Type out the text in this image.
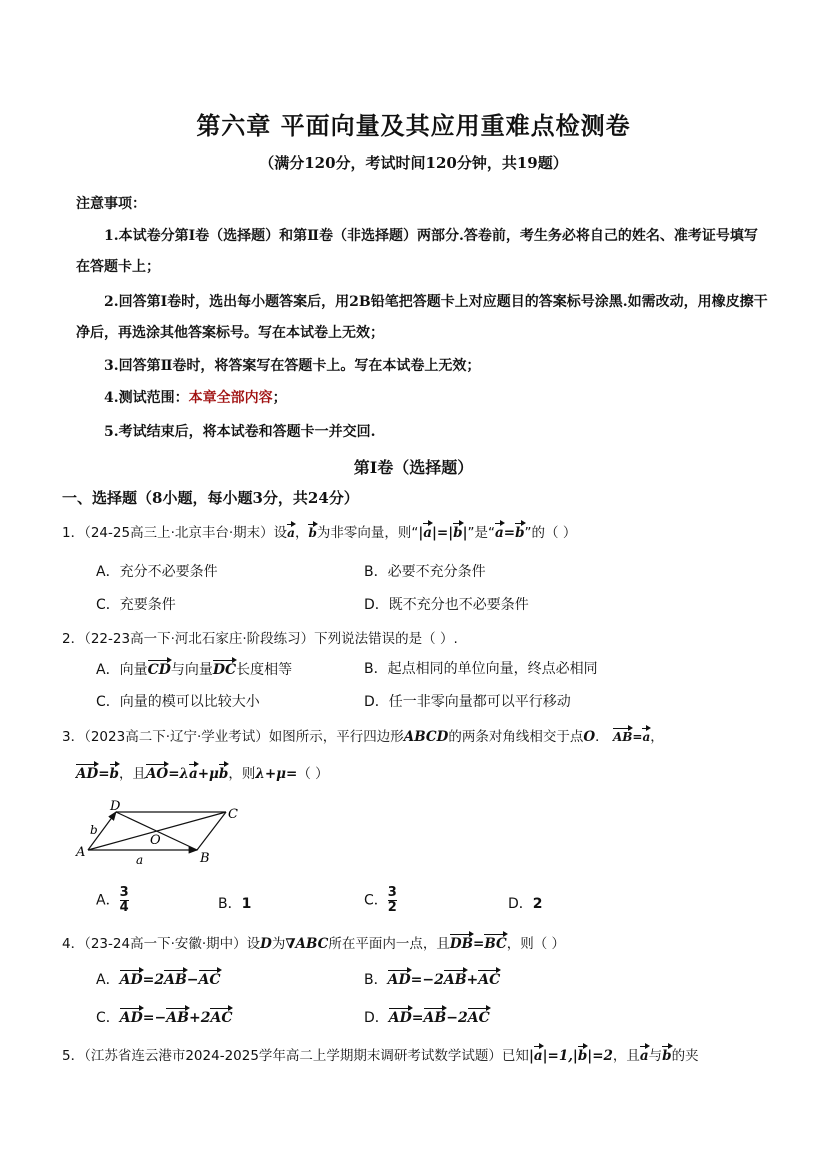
第六章 平面向量及其应用重难点检测卷
（满分120分，考试时间120分钟，共19题）
注意事项：
1.本试卷分第Ⅰ卷（选择题）和第Ⅱ卷（非选择题）两部分.答卷前，考生务必将自己的姓名、准考证号填写
在答题卡上；
2.回答第Ⅰ卷时，选出每小题答案后，用2B铅笔把答题卡上对应题目的答案标号涂黑.如需改动，用橡皮擦干
净后，再选涂其他答案标号。写在本试卷上无效；
3.回答第Ⅱ卷时，将答案写在答题卡上。写在本试卷上无效；
4.测试范围：本章全部内容；
5.考试结束后，将本试卷和答题卡一并交回.
第Ⅰ卷（选择题）
一、选择题（8小题，每小题3分，共24分）
1．（24-25高三上·北京丰台·期末）设a，b为非零向量，则“|a|=|b|”是“a=b”的（ ）
A．充分不必要条件	B．必要不充分条件
C．充要条件	D．既不充分也不必要条件
2．（22-23高一下·河北石家庄·阶段练习）下列说法错误的是（ ）.
A．向量CD与向量DC长度相等	B．起点相同的单位向量，终点必相同
C．向量的模可以比较大小	D．任一非零向量都可以平行移动
3．（2023高二下·辽宁·学业考试）如图所示，平行四边形ABCD的两条对角线相交于点O． AB=a，
AD=b，且AO=λa+μb，则λ+μ=（ ）
A	B
C
D
O
a
b
A． $\frac{3}{4}$	B．1	C． $\frac{3}{2}$	D．2
4．（23-24高一下·安徽·期中）设D为∇ABC所在平面内一点，且DB=BC，则（ ）
A．AD=2AB−AC	B．AD=−2AB+AC
C．AD=−AB+2AC	D．AD=AB−2AC
5．（江苏省连云港市2024-2025学年高二上学期期末调研考试数学试题）已知|a|=1,|b|=2，且a与b的夹
